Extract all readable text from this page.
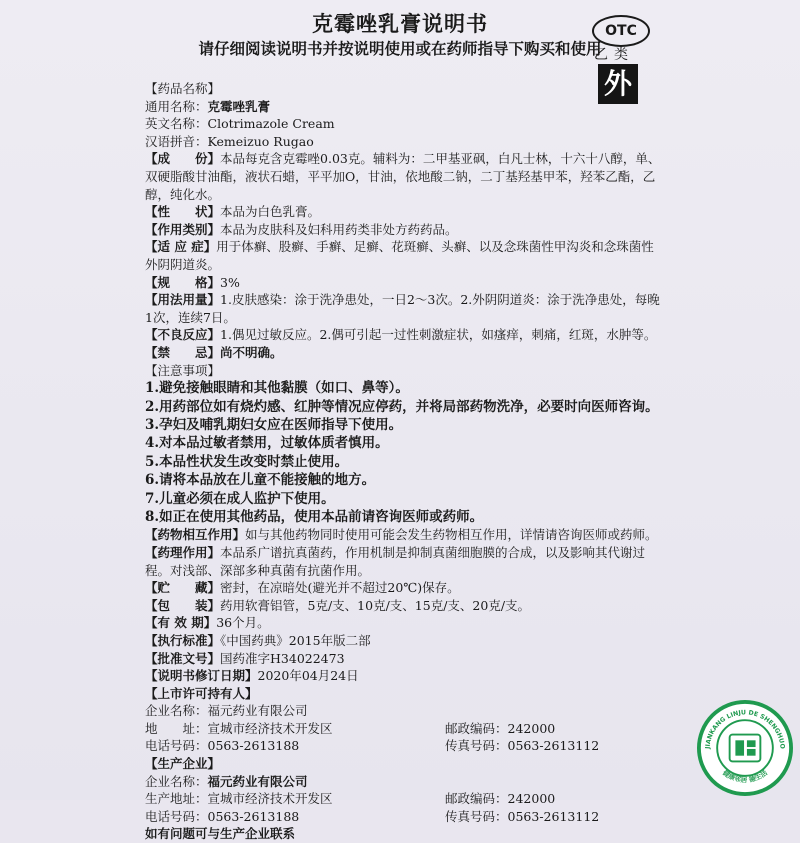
克霉唑乳膏说明书
请仔细阅读说明书并按说明使用或在药师指导下购买和使用
OTC
乙类
外
【药品名称】
通用名称：克霉唑乳膏
英文名称：Clotrimazole Cream
汉语拼音：Kemeizuo Rugao
【成　　份】本品每克含克霉唑0.03克。辅料为：二甲基亚砜，白凡士林，十六十八醇，单、双硬脂酸甘油酯，液状石蜡，平平加O，甘油，依地酸二钠，二丁基羟基甲苯，羟苯乙酯，乙醇，纯化水。
【性　　状】本品为白色乳膏。
【作用类别】本品为皮肤科及妇科用药类非处方药药品。
【适 应 症】用于体癣、股癣、手癣、足癣、花斑癣、头癣、以及念珠菌性甲沟炎和念珠菌性外阴阴道炎。
【规　　格】3%
【用法用量】1.皮肤感染：涂于洗净患处，一日2～3次。2.外阴阴道炎：涂于洗净患处，每晚1次，连续7日。
【不良反应】1.偶见过敏反应。2.偶可引起一过性刺激症状，如瘙痒，刺痛，红斑，水肿等。
【禁　　忌】尚不明确。
【注意事项】
1.避免接触眼睛和其他黏膜（如口、鼻等）。
2.用药部位如有烧灼感、红肿等情况应停药，并将局部药物洗净，必要时向医师咨询。
3.孕妇及哺乳期妇女应在医师指导下使用。
4.对本品过敏者禁用，过敏体质者慎用。
5.本品性状发生改变时禁止使用。
6.请将本品放在儿童不能接触的地方。
7.儿童必须在成人监护下使用。
8.如正在使用其他药品，使用本品前请咨询医师或药师。
【药物相互作用】如与其他药物同时使用可能会发生药物相互作用，详情请咨询医师或药师。
【药理作用】本品系广谱抗真菌药，作用机制是抑制真菌细胞膜的合成，以及影响其代谢过程。对浅部、深部多种真菌有抗菌作用。
【贮　　藏】密封，在凉暗处(避光并不超过20℃)保存。
【包　　装】药用软膏铝管，5克/支、10克/支、15克/支、20克/支。
【有 效 期】36个月。
【执行标准】《中国药典》2015年版二部
【批准文号】国药准字H34022473
【说明书修订日期】2020年04月24日
【上市许可持有人】
企业名称：福元药业有限公司
地　　址：宣城市经济技术开发区	邮政编码：242000
电话号码：0563-2613188	传真号码：0563-2613112
【生产企业】
企业名称：福元药业有限公司
生产地址：宣城市经济技术开发区	邮政编码：242000
电话号码：0563-2613188	传真号码：0563-2613112
如有问题可与生产企业联系
JIANKANG LINJU DE SHENGHUO
健康邻居 德生活
